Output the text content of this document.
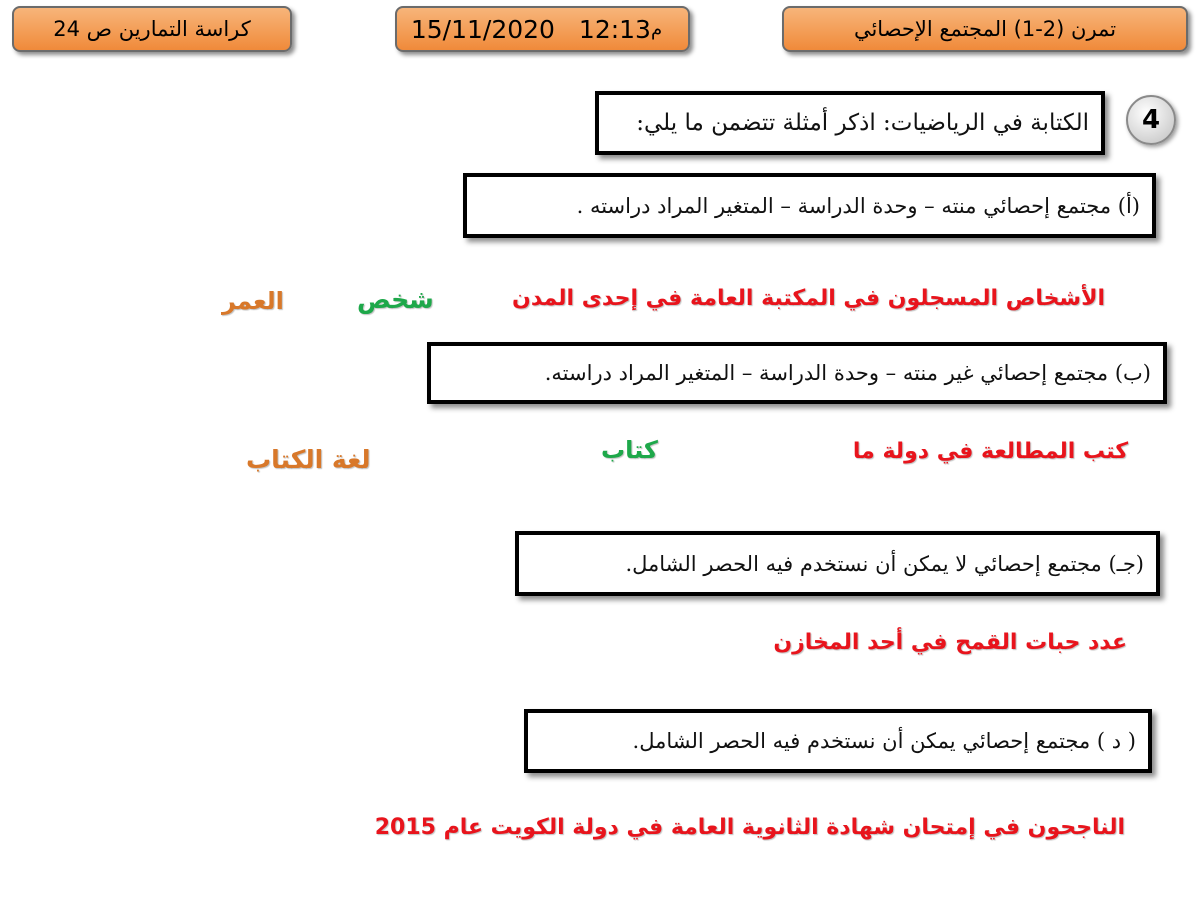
تمرن (2-1) المجتمع الإحصائي
م
15/11/2020 12:13
كراسة التمارين ص 24
4
الكتابة في الرياضيات: اذكر أمثلة تتضمن ما يلي:
(أ) مجتمع إحصائي منته – وحدة الدراسة – المتغير المراد دراسته .
الأشخاص المسجلون في المكتبة العامة في إحدى المدن
شخص
العمر
(ب) مجتمع إحصائي غير منته – وحدة الدراسة – المتغير المراد دراسته.
كتب المطالعة في دولة ما
كتاب
لغة الكتاب
(جـ) مجتمع إحصائي لا يمكن أن نستخدم فيه الحصر الشامل.
عدد حبات القمح في أحد المخازن
( د ) مجتمع إحصائي يمكن أن نستخدم فيه الحصر الشامل.
الناجحون في إمتحان شهادة الثانوية العامة في دولة الكويت عام 2015
